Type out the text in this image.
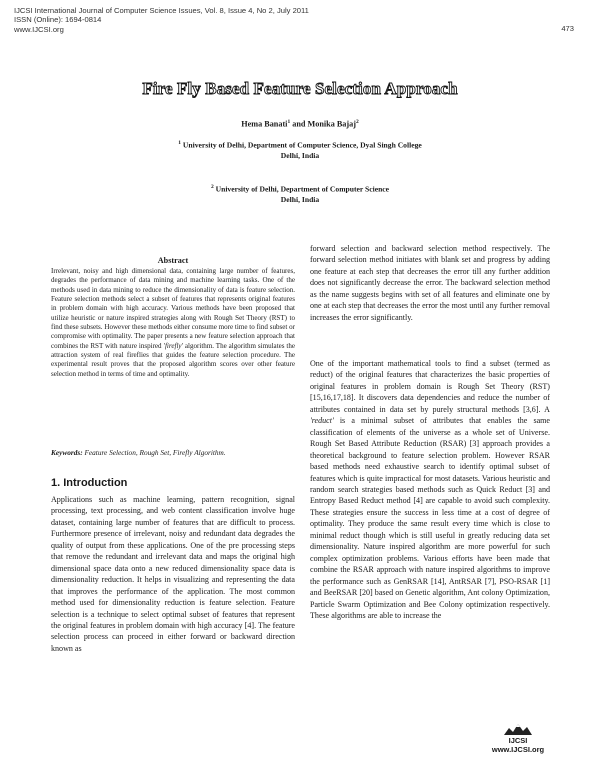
IJCSI International Journal of Computer Science Issues, Vol. 8, Issue 4, No 2, July 2011
ISSN (Online): 1694-0814
www.IJCSI.org	473
Fire Fly Based Feature Selection Approach
Hema Banati$^1$ and Monika Bajaj$^2$
$^1$ University of Delhi, Department of Computer Science, Dyal Singh College
Delhi, India
$^2$ University of Delhi, Department of Computer Science
Delhi, India
Abstract
Irrelevant, noisy and high dimensional data, containing large number of features, degrades the performance of data mining and machine learning tasks. One of the methods used in data mining to reduce the dimensionality of data is feature selection. Feature selection methods select a subset of features that represents original features in problem domain with high accuracy. Various methods have been proposed that utilize heuristic or nature inspired strategies along with Rough Set Theory (RST) to find these subsets. However these methods either consume more time to find subset or compromise with optimality. The paper presents a new feature selection approach that combines the RST with nature inspired 'firefly' algorithm. The algorithm simulates the attraction system of real fireflies that guides the feature selection procedure. The experimental result proves that the proposed algorithm scores over other feature selection method in terms of time and optimality.
Keywords: Feature Selection, Rough Set, Firefly Algorithm.
1. Introduction
Applications such as machine learning, pattern recognition, signal processing, text processing, and web content classification involve huge dataset, containing large number of features that are difficult to process. Furthermore presence of irrelevant, noisy and redundant data degrades the quality of output from these applications. One of the pre processing steps that remove the redundant and irrelevant data and maps the original high dimensional space data onto a new reduced dimensionality space data is dimensionality reduction. It helps in visualizing and representing the data that improves the performance of the application. The most common method used for dimensionality reduction is feature selection. Feature selection is a technique to select optimal subset of features that represent the original features in problem domain with high accuracy [4]. The feature selection process can proceed in either forward or backward direction known as
forward selection and backward selection method respectively. The forward selection method initiates with blank set and progress by adding one feature at each step that decreases the error till any further addition does not significantly decrease the error. The backward selection method as the name suggests begins with set of all features and eliminate one by one at each step that decreases the error the most until any further removal increases the error significantly.
One of the important mathematical tools to find a subset (termed as reduct) of the original features that characterizes the basic properties of original features in problem domain is Rough Set Theory (RST) [15,16,17,18]. It discovers data dependencies and reduce the number of attributes contained in data set by purely structural methods [3,6]. A 'reduct' is a minimal subset of attributes that enables the same classification of elements of the universe as a whole set of Universe. Rough Set Based Attribute Reduction (RSAR) [3] approach provides a theoretical background to feature selection problem. However RSAR based methods need exhaustive search to identify optimal subset of features which is quite impractical for most datasets. Various heuristic and random search strategies based methods such as Quick Reduct [3] and Entropy Based Reduct method [4] are capable to avoid such complexity. These strategies ensure the success in less time at a cost of degree of optimality. They produce the same result every time which is close to minimal reduct though which is still useful in greatly reducing data set dimensionality. Nature inspired algorithm are more powerful for such complex optimization problems. Various efforts have been made that combine the RSAR approach with nature inspired algorithms to improve the performance such as GenRSAR [14], AntRSAR [7], PSO-RSAR [1] and BeeRSAR [20] based on Genetic algorithm, Ant colony Optimization, Particle Swarm Optimization and Bee Colony optimization respectively. These algorithms are able to increase the
IJCSI
www.IJCSI.org
